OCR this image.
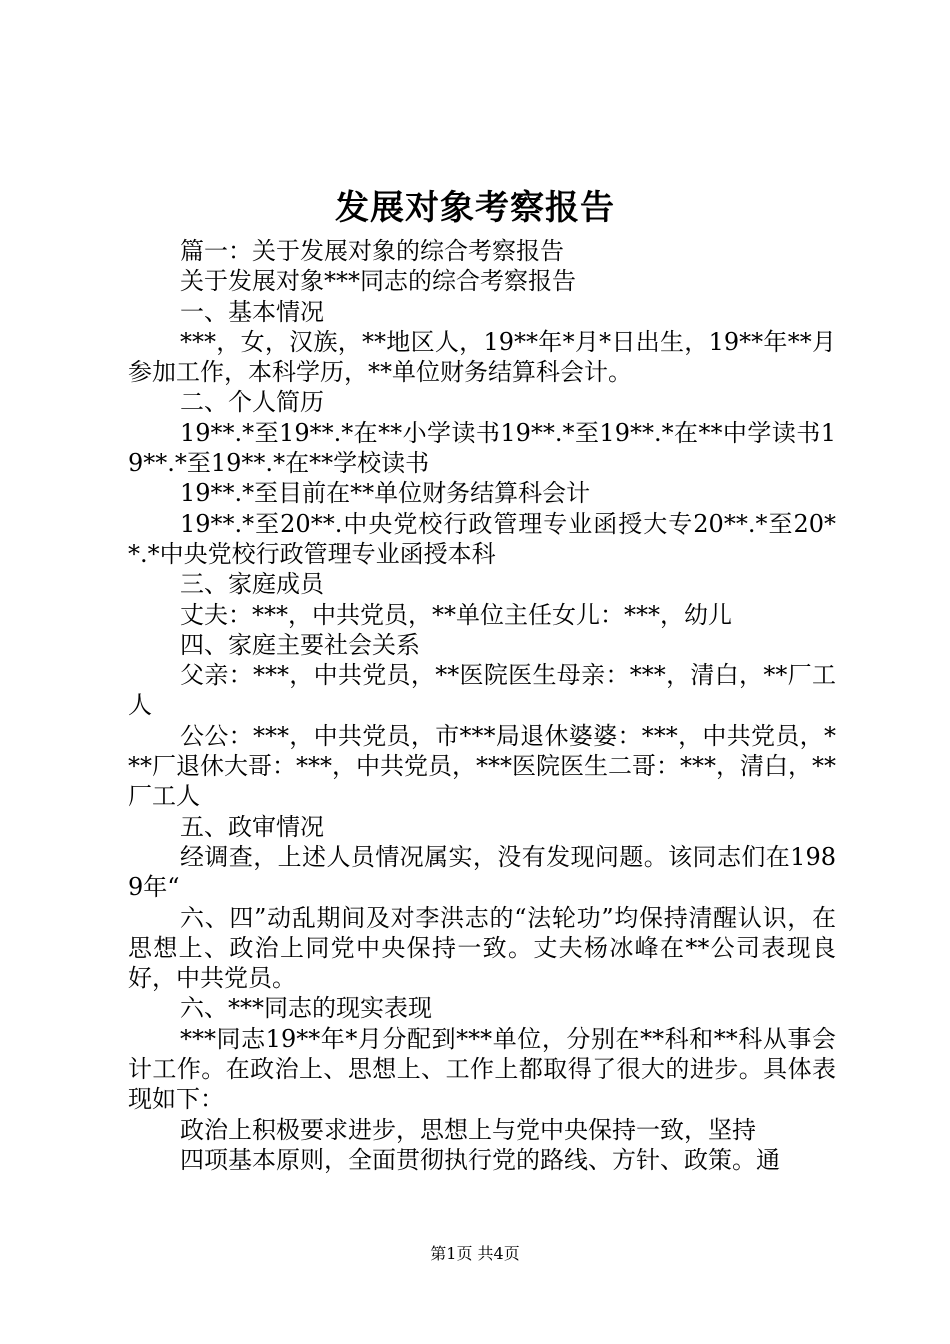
发展对象考察报告

篇一：关于发展对象的综合考察报告

关于发展对象***同志的综合考察报告

一、基本情况

***，女，汉族，**地区人，19**年*月*日出生，19**年**月参加工作，本科学历，**单位财务结算科会计。

二、个人简历

19**.*至19**.*在**小学读书19**.*至19**.*在**中学读书19**.*至19**.*在**学校读书

19**.*至目前在**单位财务结算科会计

19**.*至20**.中央党校行政管理专业函授大专20**.*至20**.*中央党校行政管理专业函授本科

三、家庭成员

丈夫：***，中共党员，**单位主任女儿：***，幼儿

四、家庭主要社会关系

父亲：***，中共党员，**医院医生母亲：***，清白，**厂工人

公公：***，中共党员，市***局退休婆婆：***，中共党员，***厂退休大哥：***，中共党员，***医院医生二哥：***，清白，**厂工人

五、政审情况

经调查，上述人员情况属实，没有发现问题。该同志们在1989年“

六、四”动乱期间及对李洪志的“法轮功”均保持清醒认识，在思想上、政治上同党中央保持一致。丈夫杨冰峰在**公司表现良好，中共党员。

六、***同志的现实表现

***同志19**年*月分配到***单位，分别在**科和**科从事会计工作。在政治上、思想上、工作上都取得了很大的进步。具体表现如下：

政治上积极要求进步，思想上与党中央保持一致，坚持

四项基本原则，全面贯彻执行党的路线、方针、政策。通

第1页 共4页
